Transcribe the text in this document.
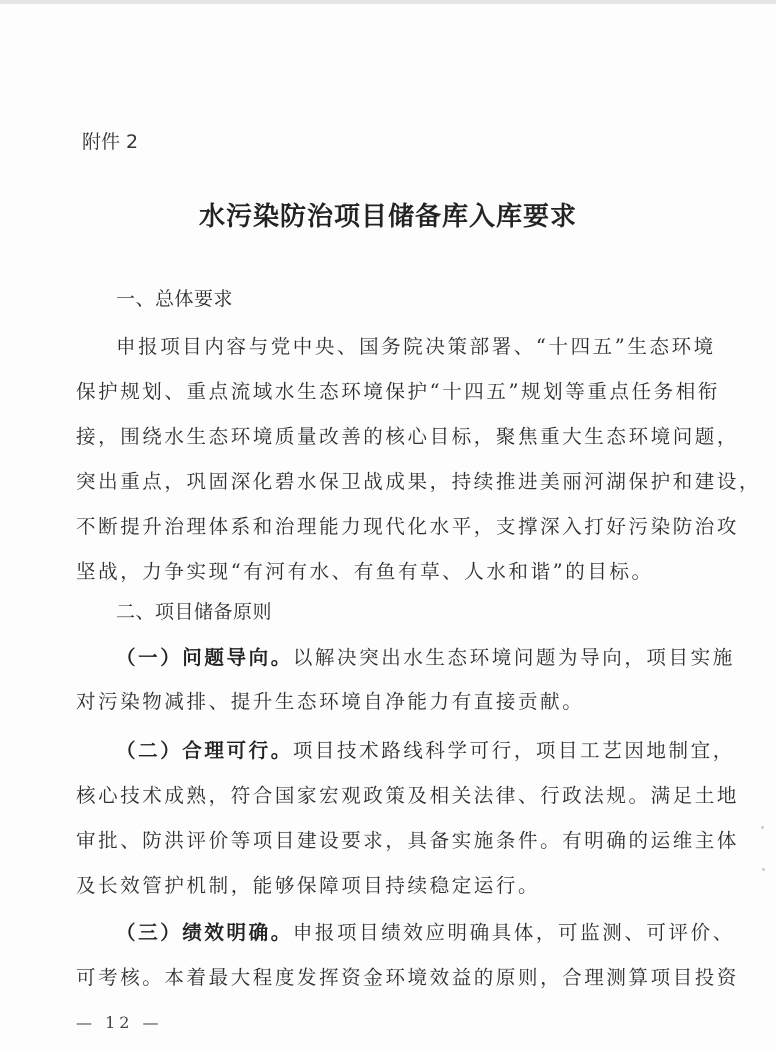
附件 2
水污染防治项目储备库入库要求
一、总体要求
申报项目内容与党中央、国务院决策部署、“十四五”生态环境
保护规划、重点流域水生态环境保护“十四五”规划等重点任务相衔
接，围绕水生态环境质量改善的核心目标，聚焦重大生态环境问题，
突出重点，巩固深化碧水保卫战成果，持续推进美丽河湖保护和建设，
不断提升治理体系和治理能力现代化水平，支撑深入打好污染防治攻
坚战，力争实现“有河有水、有鱼有草、人水和谐”的目标。
二、项目储备原则
（一）问题导向。以解决突出水生态环境问题为导向，项目实施
对污染物减排、提升生态环境自净能力有直接贡献。
（二）合理可行。项目技术路线科学可行，项目工艺因地制宜，
核心技术成熟，符合国家宏观政策及相关法律、行政法规。满足土地
审批、防洪评价等项目建设要求，具备实施条件。有明确的运维主体
及长效管护机制，能够保障项目持续稳定运行。
（三）绩效明确。申报项目绩效应明确具体，可监测、可评价、
可考核。本着最大程度发挥资金环境效益的原则，合理测算项目投资
— 12 —
